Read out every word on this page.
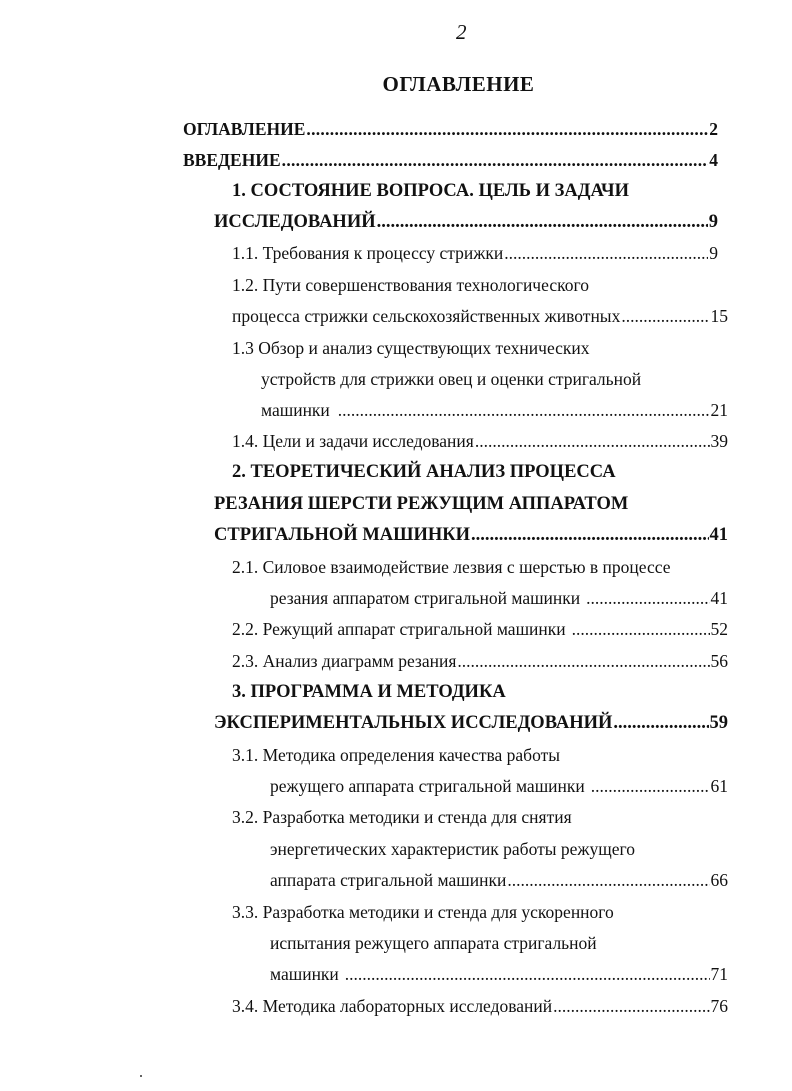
2
ОГЛАВЛЕНИЕ
ОГЛАВЛЕНИЕ .....	2
ВВЕДЕНИЕ .....	4
1. СОСТОЯНИЕ ВОПРОСА. ЦЕЛЬ И ЗАДАЧИ
ИССЛЕДОВАНИЙ .....	9
1.1. Требования к процессу стрижки .....	9
1.2. Пути совершенствования технологического
процесса стрижки сельскохозяйственных животных .....	15
1.3 Обзор и анализ существующих технических
устройств для стрижки овец и оценки стригальной
машинки .....	21
1.4. Цели и задачи исследования .....	39
2. ТЕОРЕТИЧЕСКИЙ АНАЛИЗ ПРОЦЕССА
РЕЗАНИЯ ШЕРСТИ РЕЖУЩИМ АППАРАТОМ
СТРИГАЛЬНОЙ МАШИНКИ .....	41
2.1. Силовое взаимодействие лезвия с шерстью в процессе
резания аппаратом стригальной машинки .....	41
2.2. Режущий аппарат стригальной машинки .....	52
2.3. Анализ диаграмм резания .....	56
3. ПРОГРАММА И МЕТОДИКА
ЭКСПЕРИМЕНТАЛЬНЫХ ИССЛЕДОВАНИЙ .....	59
3.1. Методика определения качества работы
режущего аппарата стригальной машинки .....	61
3.2. Разработка методики и стенда для снятия
энергетических характеристик работы режущего
аппарата стригальной машинки .....	66
3.3. Разработка методики и стенда для ускоренного
испытания режущего аппарата стригальной
машинки .....	71
3.4. Методика лабораторных исследований .....	76
